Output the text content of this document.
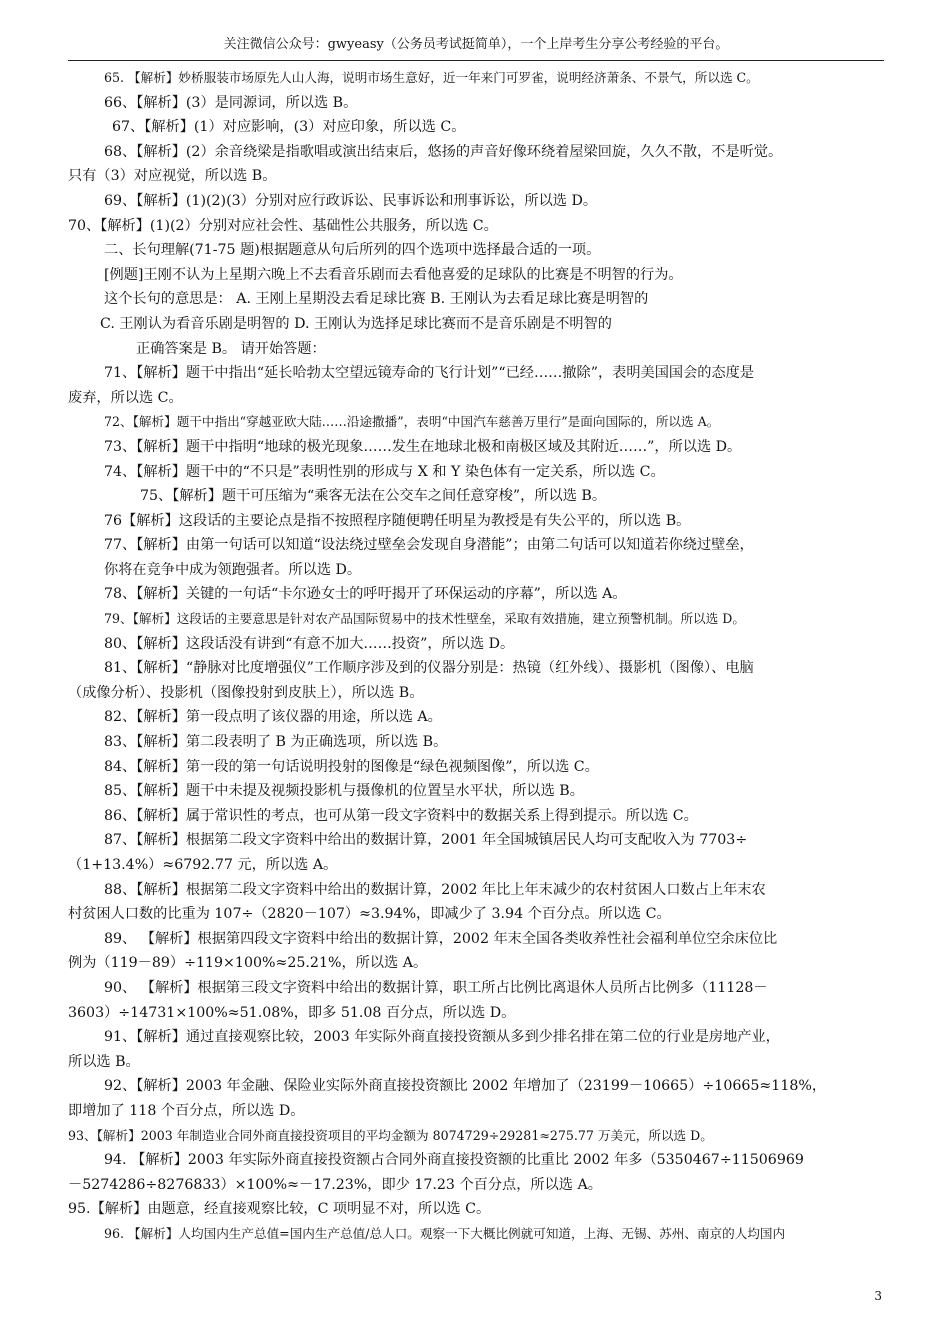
关注微信公众号：gwyeasy（公务员考试挺简单），一个上岸考生分享公考经验的平台。
65. 【解析】妙桥服装市场原先人山人海，说明市场生意好，近一年来门可罗雀，说明经济萧条、不景气，所以选 C。
66、【解析】(3）是同源词，所以选 B。
67、【解析】(1）对应影响，(3）对应印象，所以选 C。
68、【解析】(2）余音绕梁是指歌唱或演出结束后，悠扬的声音好像环绕着屋梁回旋，久久不散，不是听觉。
只有（3）对应视觉，所以选 B。
69、【解析】(1)(2)(3）分别对应行政诉讼、民事诉讼和刑事诉讼，所以选 D。
70、【解析】(1)(2）分别对应社会性、基础性公共服务，所以选 C。
二、长句理解(71-75 题)根据题意从句后所列的四个选项中选择最合适的一项。
[例题]王刚不认为上星期六晚上不去看音乐剧而去看他喜爱的足球队的比赛是不明智的行为。
这个长句的意思是： A. 王刚上星期没去看足球比赛 B. 王刚认为去看足球比赛是明智的
C. 王刚认为看音乐剧是明智的 D. 王刚认为选择足球比赛而不是音乐剧是不明智的
正确答案是 B。 请开始答题：
71、【解析】题干中指出“延长哈勃太空望远镜寿命的飞行计划”“已经……撤除”，表明美国国会的态度是
废弃，所以选 C。
72、【解析】题干中指出“穿越亚欧大陆……沿途撒播”，表明“中国汽车慈善万里行”是面向国际的，所以选 A。
73、【解析】题干中指明“地球的极光现象……发生在地球北极和南极区域及其附近……”，所以选 D。
74、【解析】题干中的“不只是”表明性别的形成与 X 和 Y 染色体有一定关系，所以选 C。
75、【解析】题干可压缩为“乘客无法在公交车之间任意穿梭”，所以选 B。
76【解析】这段话的主要论点是指不按照程序随便聘任明星为教授是有失公平的，所以选 B。
77、【解析】由第一句话可以知道“设法绕过壁垒会发现自身潜能”；由第二句话可以知道若你绕过壁垒，
你将在竞争中成为领跑强者。所以选 D。
78、【解析】关键的一句话“卡尔逊女士的呼吁揭开了环保运动的序幕”，所以选 A。
79、【解析】这段话的主要意思是针对农产品国际贸易中的技术性壁垒，采取有效措施，建立预警机制。所以选 D。
80、【解析】这段话没有讲到“有意不加大……投资”，所以选 D。
81、【解析】“静脉对比度增强仪”工作顺序涉及到的仪器分别是：热镜（红外线）、摄影机（图像）、电脑
（成像分析）、投影机（图像投射到皮肤上），所以选 B。
82、【解析】第一段点明了该仪器的用途，所以选 A。
83、【解析】第二段表明了 B 为正确选项，所以选 B。
84、【解析】第一段的第一句话说明投射的图像是“绿色视频图像”，所以选 C。
85、【解析】题干中未提及视频投影机与摄像机的位置呈水平状，所以选 B。
86、【解析】属于常识性的考点，也可从第一段文字资料中的数据关系上得到提示。所以选 C。
87、【解析】根据第二段文字资料中给出的数据计算，2001 年全国城镇居民人均可支配收入为 7703÷
（1+13.4%）≈6792.77 元，所以选 A。
88、【解析】根据第二段文字资料中给出的数据计算，2002 年比上年末减少的农村贫困人口数占上年末农
村贫困人口数的比重为 107÷（2820－107）≈3.94%，即减少了 3.94 个百分点。所以选 C。
89、 【解析】根据第四段文字资料中给出的数据计算，2002 年末全国各类收养性社会福利单位空余床位比
例为（119－89）÷119×100%≈25.21%，所以选 A。
90、 【解析】根据第三段文字资料中给出的数据计算，职工所占比例比离退休人员所占比例多（11128－
3603）÷14731×100%≈51.08%，即多 51.08 百分点，所以选 D。
91、【解析】通过直接观察比较，2003 年实际外商直接投资额从多到少排名排在第二位的行业是房地产业，
所以选 B。
92、【解析】2003 年金融、保险业实际外商直接投资额比 2002 年增加了（23199－10665）÷10665≈118%，
即增加了 118 个百分点，所以选 D。
93、【解析】2003 年制造业合同外商直接投资项目的平均金额为 8074729÷29281≈275.77 万美元，所以选 D。
94. 【解析】2003 年实际外商直接投资额占合同外商直接投资额的比重比 2002 年多（5350467÷11506969
－5274286÷8276833）×100%≈－17.23%，即少 17.23 个百分点，所以选 A。
95.【解析】由题意，经直接观察比较，C 项明显不对，所以选 C。
96. 【解析】人均国内生产总值=国内生产总值/总人口。观察一下大概比例就可知道，上海、无锡、苏州、南京的人均国内
3
